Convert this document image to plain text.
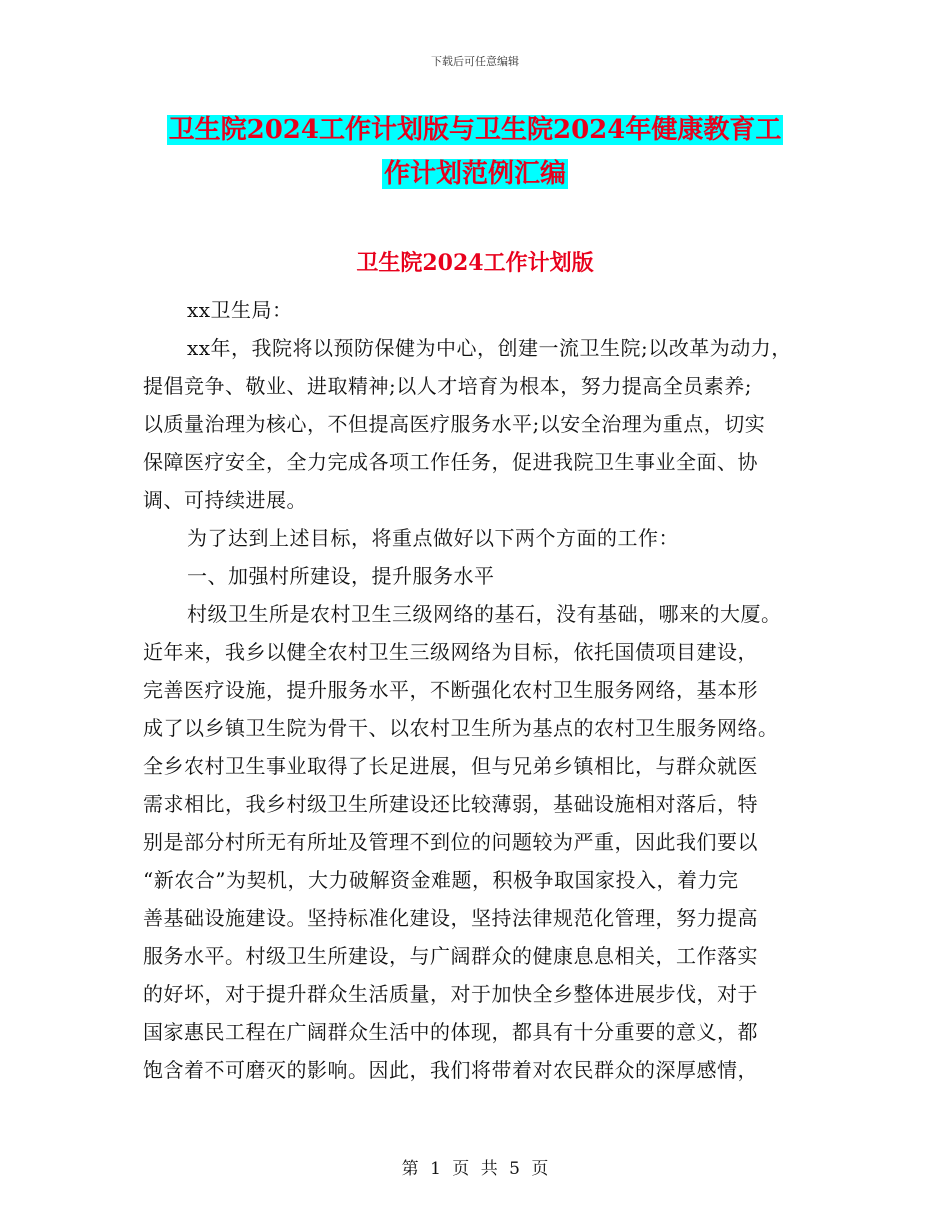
下载后可任意编辑
卫生院2024工作计划版与卫生院2024年健康教育工
作计划范例汇编
卫生院2024工作计划版
xx卫生局：
xx年，我院将以预防保健为中心，创建一流卫生院;以改革为动力，
提倡竞争、敬业、进取精神;以人才培育为根本，努力提高全员素养;
以质量治理为核心，不但提高医疗服务水平;以安全治理为重点，切实
保障医疗安全，全力完成各项工作任务，促进我院卫生事业全面、协
调、可持续进展。
为了达到上述目标，将重点做好以下两个方面的工作：
一、加强村所建设，提升服务水平
村级卫生所是农村卫生三级网络的基石，没有基础，哪来的大厦。
近年来，我乡以健全农村卫生三级网络为目标，依托国债项目建设，
完善医疗设施，提升服务水平，不断强化农村卫生服务网络，基本形
成了以乡镇卫生院为骨干、以农村卫生所为基点的农村卫生服务网络。
全乡农村卫生事业取得了长足进展，但与兄弟乡镇相比，与群众就医
需求相比，我乡村级卫生所建设还比较薄弱，基础设施相对落后，特
别是部分村所无有所址及管理不到位的问题较为严重，因此我们要以
“新农合”为契机，大力破解资金难题，积极争取国家投入，着力完
善基础设施建设。坚持标准化建设，坚持法律规范化管理，努力提高
服务水平。村级卫生所建设，与广阔群众的健康息息相关，工作落实
的好坏，对于提升群众生活质量，对于加快全乡整体进展步伐，对于
国家惠民工程在广阔群众生活中的体现，都具有十分重要的意义，都
饱含着不可磨灭的影响。因此，我们将带着对农民群众的深厚感情，
第 1 页 共 5 页
